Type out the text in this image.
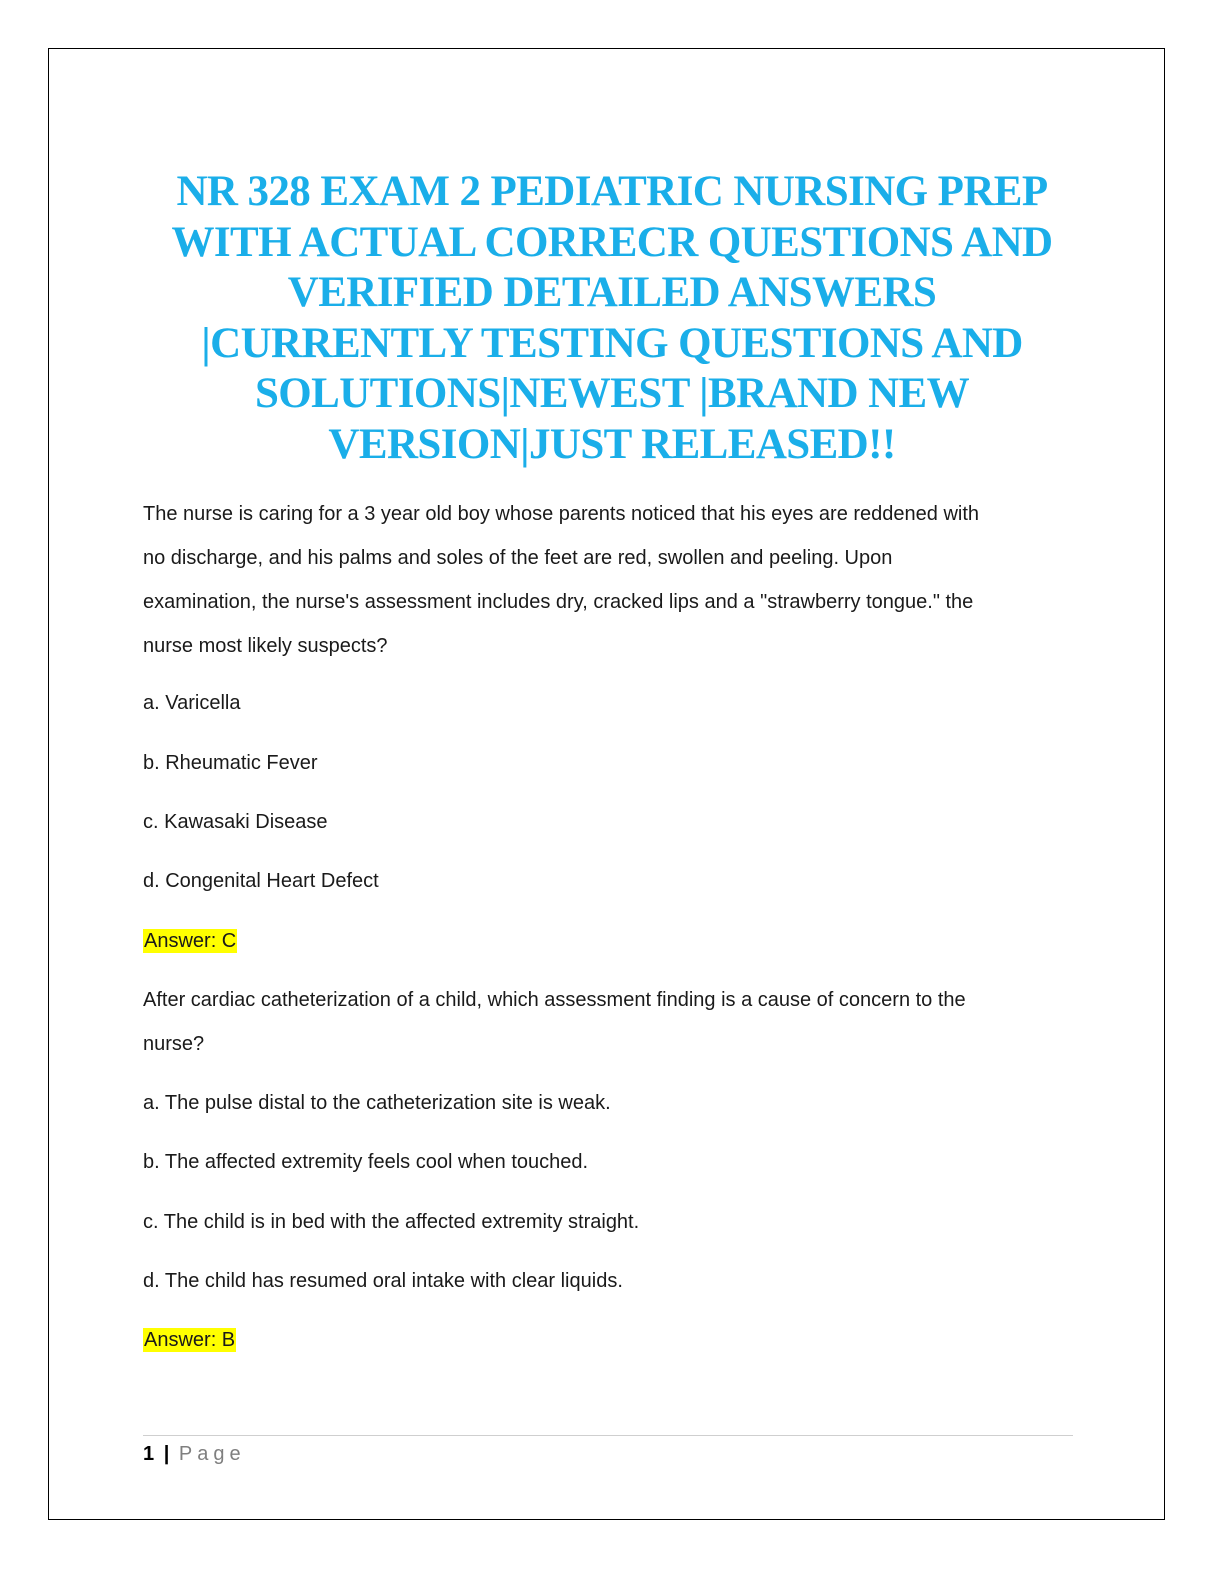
NR 328 EXAM 2 PEDIATRIC NURSING PREP
WITH ACTUAL CORRECR QUESTIONS AND
VERIFIED DETAILED ANSWERS
|CURRENTLY TESTING QUESTIONS AND
SOLUTIONS|NEWEST |BRAND NEW
VERSION|JUST RELEASED!!
The nurse is caring for a 3 year old boy whose parents noticed that his eyes are reddened with
no discharge, and his palms and soles of the feet are red, swollen and peeling. Upon
examination, the nurse's assessment includes dry, cracked lips and a "strawberry tongue." the
nurse most likely suspects?
a. Varicella
b. Rheumatic Fever
c. Kawasaki Disease
d. Congenital Heart Defect
Answer: C
After cardiac catheterization of a child, which assessment finding is a cause of concern to the
nurse?
a. The pulse distal to the catheterization site is weak.
b. The affected extremity feels cool when touched.
c. The child is in bed with the affected extremity straight.
d. The child has resumed oral intake with clear liquids.
Answer: B
1 | Page
